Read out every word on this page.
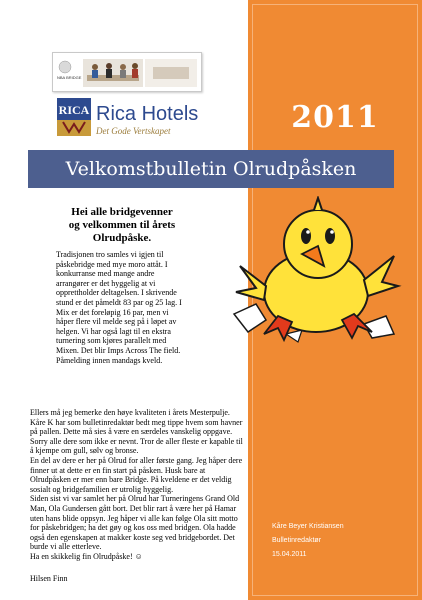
2011
Kåre Beyer Kristiansen
Bulletinredaktør
15.04.2011
NBA BRIDGE
RICA Rica Hotels
Det Gode Vertskapet
Velkomstbulletin Olrudpåsken
Hei alle bridgevenner
og velkommen til årets
Olrudpåske.
Tradisjonen tro samles vi igjen til påskebridge med mye moro attåt. I konkurranse med mange andre arrangører er det hyggelig at vi opprettholder deltagelsen. I skrivende stund er det påmeldt 83 par og 25 lag. I Mix er det foreløpig 16 par, men vi håper flere vil melde seg på i løpet av helgen. Vi har også lagt til en ekstra turnering som kjøres parallelt med Mixen. Det blir Imps Across The field. Påmelding innen mandags kveld.

Ellers må jeg bemerke den høye kvaliteten i årets Mesterpulje. Kåre K har som bulletinredaktør bedt meg tippe hvem som havner på pallen. Dette må sies å være en særdeles vanskelig oppgave. Sorry alle dere som ikke er nevnt. Tror de aller fleste er kapable til å kjempe om gull, sølv og bronse.

En del av dere er her på Olrud for aller første gang. Jeg håper dere finner ut at dette er en fin start på påsken. Husk bare at Olrudpåsken er mer enn bare Bridge. På kveldene er det veldig sosialt og bridgefamilien er utrolig hyggelig.

Siden sist vi var samlet her på Olrud har Turneringens Grand Old Man, Ola Gundersen gått bort. Det blir rart å være her på Hamar uten hans blide oppsyn. Jeg håper vi alle kan følge Ola sitt motto for påskebridgen; ha det gøy og kos oss med bridgen. Ola hadde også den egenskapen at makker koste seg ved bridgebordet. Det burde vi alle etterleve.

Ha en skikkelig fin Olrudpåske! ☺

Hilsen Finn
